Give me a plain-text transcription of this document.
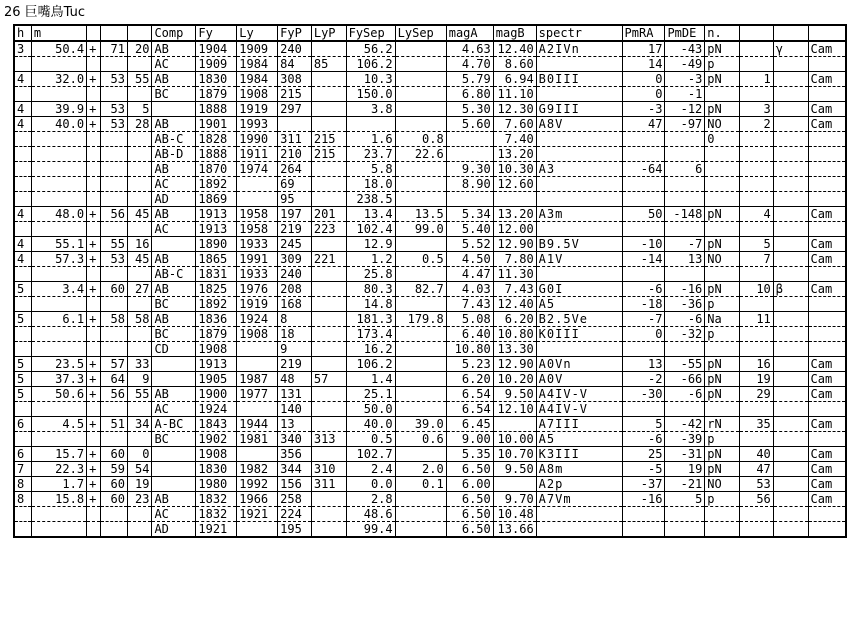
26 巨嘴鳥Tuc
h	m				Comp	Fy	Ly	FyP	LyP	FySep	LySep	magA	magB	spectr	PmRA	PmDE	n.			
3	50.4	+	71	20	AB	1904	1909	240		56.2		4.63	12.40	A2IVn	17	-43	pN		γ	Cam
					AC	1909	1984	84	85	106.2		4.70	8.60		14	-49	p			
4	32.0	+	53	55	AB	1830	1984	308		10.3		5.79	6.94	B0III	0	-3	pN	1		Cam
					BC	1879	1908	215		150.0		6.80	11.10		0	-1				
4	39.9	+	53	5		1888	1919	297		3.8		5.30	12.30	G9III	-3	-12	pN	3		Cam
4	40.0	+	53	28	AB	1901	1993					5.60	7.60	A8V	47	-97	NO	2		Cam
					AB-C	1828	1990	311	215	1.6	0.8		7.40				0			
					AB-D	1888	1911	210	215	23.7	22.6		13.20							
					AB	1870	1974	264		5.8		9.30	10.30	A3	-64	6				
					AC	1892		69		18.0		8.90	12.60							
					AD	1869		95		238.5										
4	48.0	+	56	45	AB	1913	1958	197	201	13.4	13.5	5.34	13.20	A3m	50	-148	pN	4		Cam
					AC	1913	1958	219	223	102.4	99.0	5.40	12.00							
4	55.1	+	55	16		1890	1933	245		12.9		5.52	12.90	B9.5V	-10	-7	pN	5		Cam
4	57.3	+	53	45	AB	1865	1991	309	221	1.2	0.5	4.50	7.80	A1V	-14	13	NO	7		Cam
					AB-C	1831	1933	240		25.8		4.47	11.30							
5	3.4	+	60	27	AB	1825	1976	208		80.3	82.7	4.03	7.43	G0I	-6	-16	pN	10	β	Cam
					BC	1892	1919	168		14.8		7.43	12.40	A5	-18	-36	p			
5	6.1	+	58	58	AB	1836	1924	8		181.3	179.8	5.08	6.20	B2.5Ve	-7	-6	Na	11		
					BC	1879	1908	18		173.4		6.40	10.80	K0III	0	-32	p			
					CD	1908		9		16.2		10.80	13.30							
5	23.5	+	57	33		1913		219		106.2		5.23	12.90	A0Vn	13	-55	pN	16		Cam
5	37.3	+	64	9		1905	1987	48	57	1.4		6.20	10.20	A0V	-2	-66	pN	19		Cam
5	50.6	+	56	55	AB	1900	1977	131		25.1		6.54	9.50	A4IV-V	-30	-6	pN	29		Cam
					AC	1924		140		50.0		6.54	12.10	A4IV-V						
6	4.5	+	51	34	A-BC	1843	1944	13		40.0	39.0	6.45		A7III	5	-42	rN	35		Cam
					BC	1902	1981	340	313	0.5	0.6	9.00	10.00	A5	-6	-39	p			
6	15.7	+	60	0		1908		356		102.7		5.35	10.70	K3III	25	-31	pN	40		Cam
7	22.3	+	59	54		1830	1982	344	310	2.4	2.0	6.50	9.50	A8m	-5	19	pN	47		Cam
8	1.7	+	60	19		1980	1992	156	311	0.0	0.1	6.00		A2p	-37	-21	NO	53		Cam
8	15.8	+	60	23	AB	1832	1966	258		2.8		6.50	9.70	A7Vm	-16	5	p	56		Cam
					AC	1832	1921	224		48.6		6.50	10.48							
					AD	1921		195		99.4		6.50	13.66							
